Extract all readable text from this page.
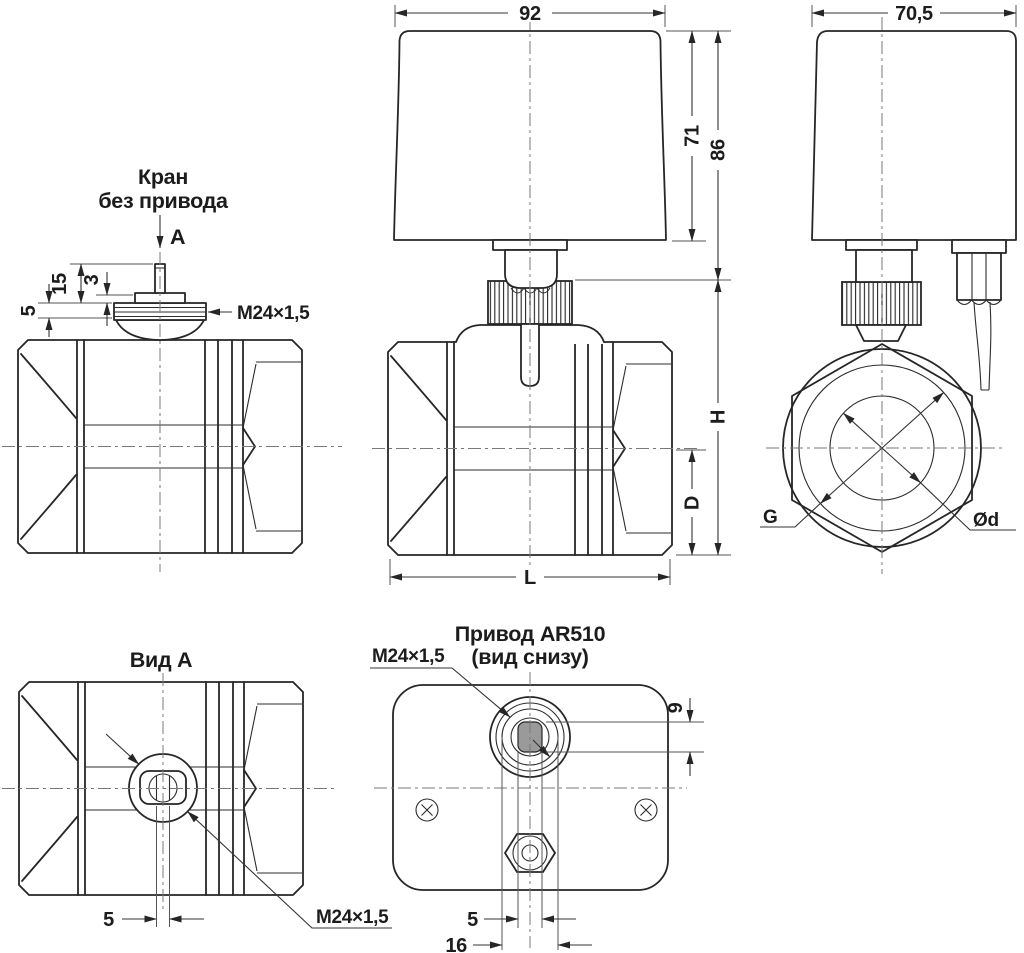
Кран
без привода
А
15 3
5	M24×1,5
92
71
86
H
D
L
70,5
G	Ød
Вид А
M24×1,5
5
Привод AR510
(вид снизу)
M24×1,5
9
5
16
